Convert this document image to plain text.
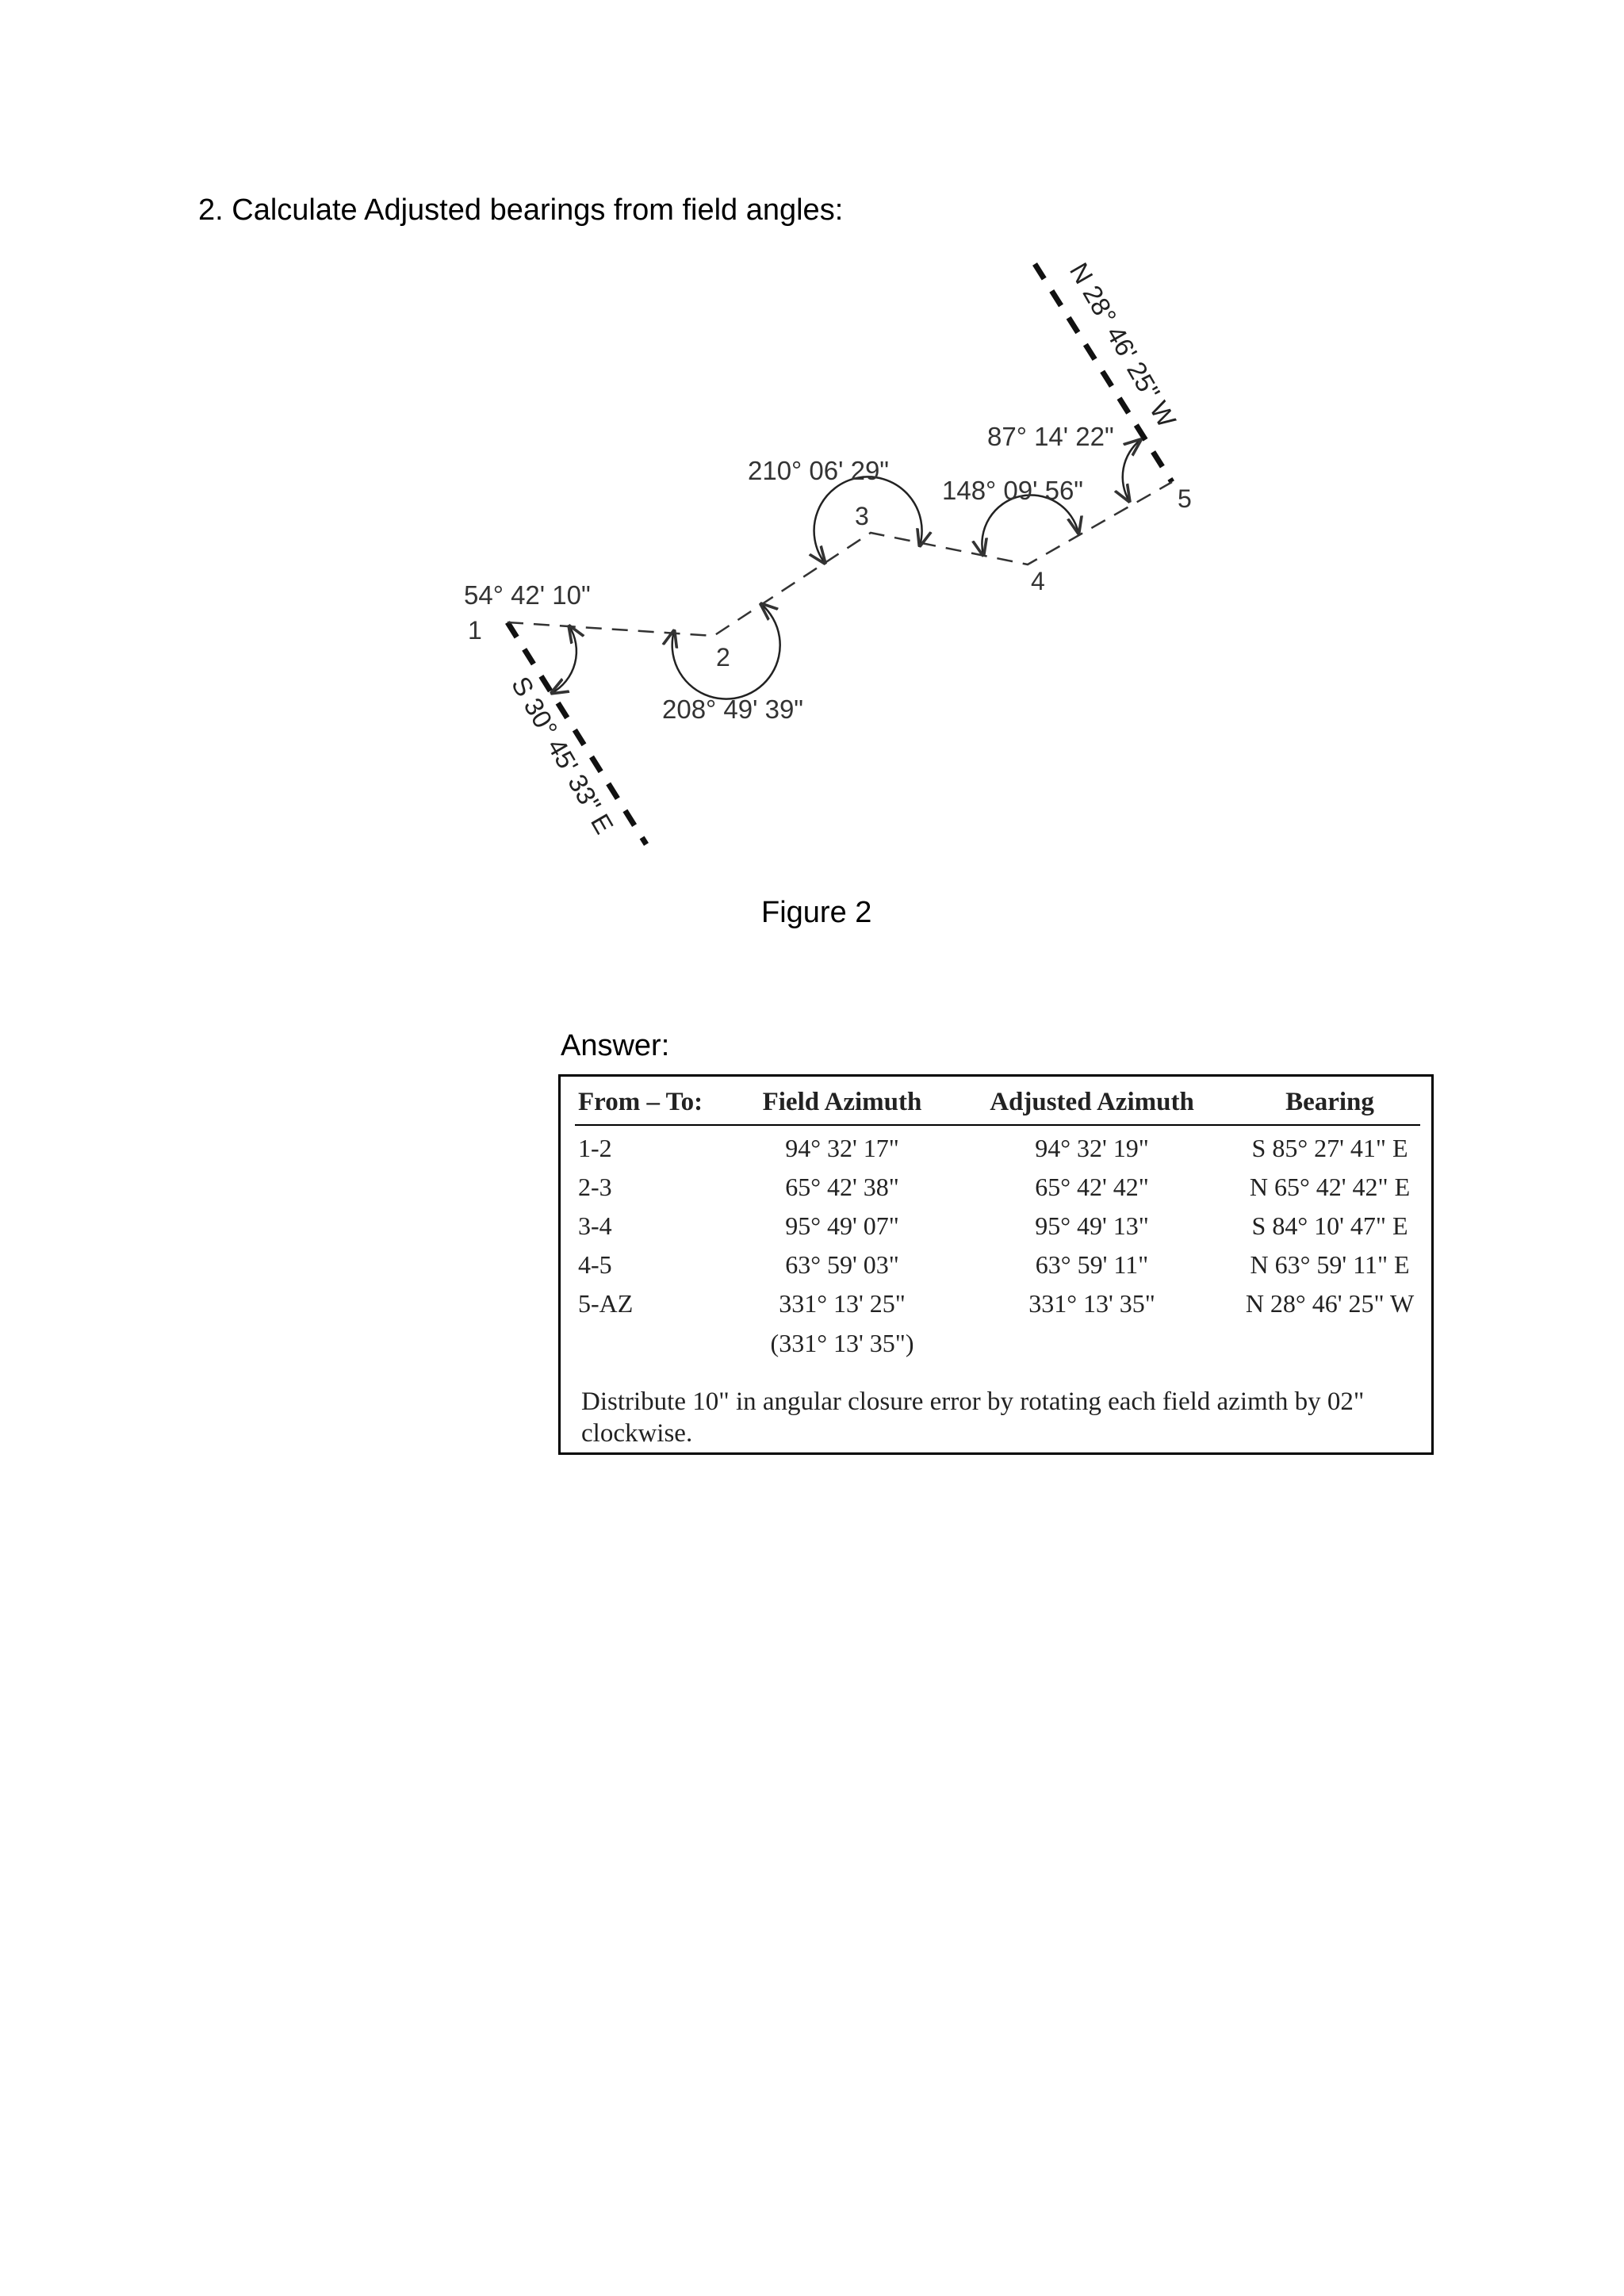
2. Calculate Adjusted bearings from field angles:
1
2
3
4
5
54° 42' 10"
208° 49' 39"
210° 06' 29"
148° 09' 56"
87° 14' 22"
S 30° 45' 33" E
N 28° 46' 25" W
Figure 2
Answer:
From – To:	Field Azimuth	Adjusted Azimuth	Bearing
1-2	94° 32' 17"	94° 32' 19"	S 85° 27' 41" E
2-3	65° 42' 38"	65° 42' 42"	N 65° 42' 42" E
3-4	95° 49' 07"	95° 49' 13"	S 84° 10' 47" E
4-5	63° 59' 03"	63° 59' 11"	N 63° 59' 11" E
5-AZ	331° 13' 25"	331° 13' 35"	N 28° 46' 25" W
(331° 13' 35")
Distribute 10" in angular closure error by rotating each field azimth by 02" clockwise.
